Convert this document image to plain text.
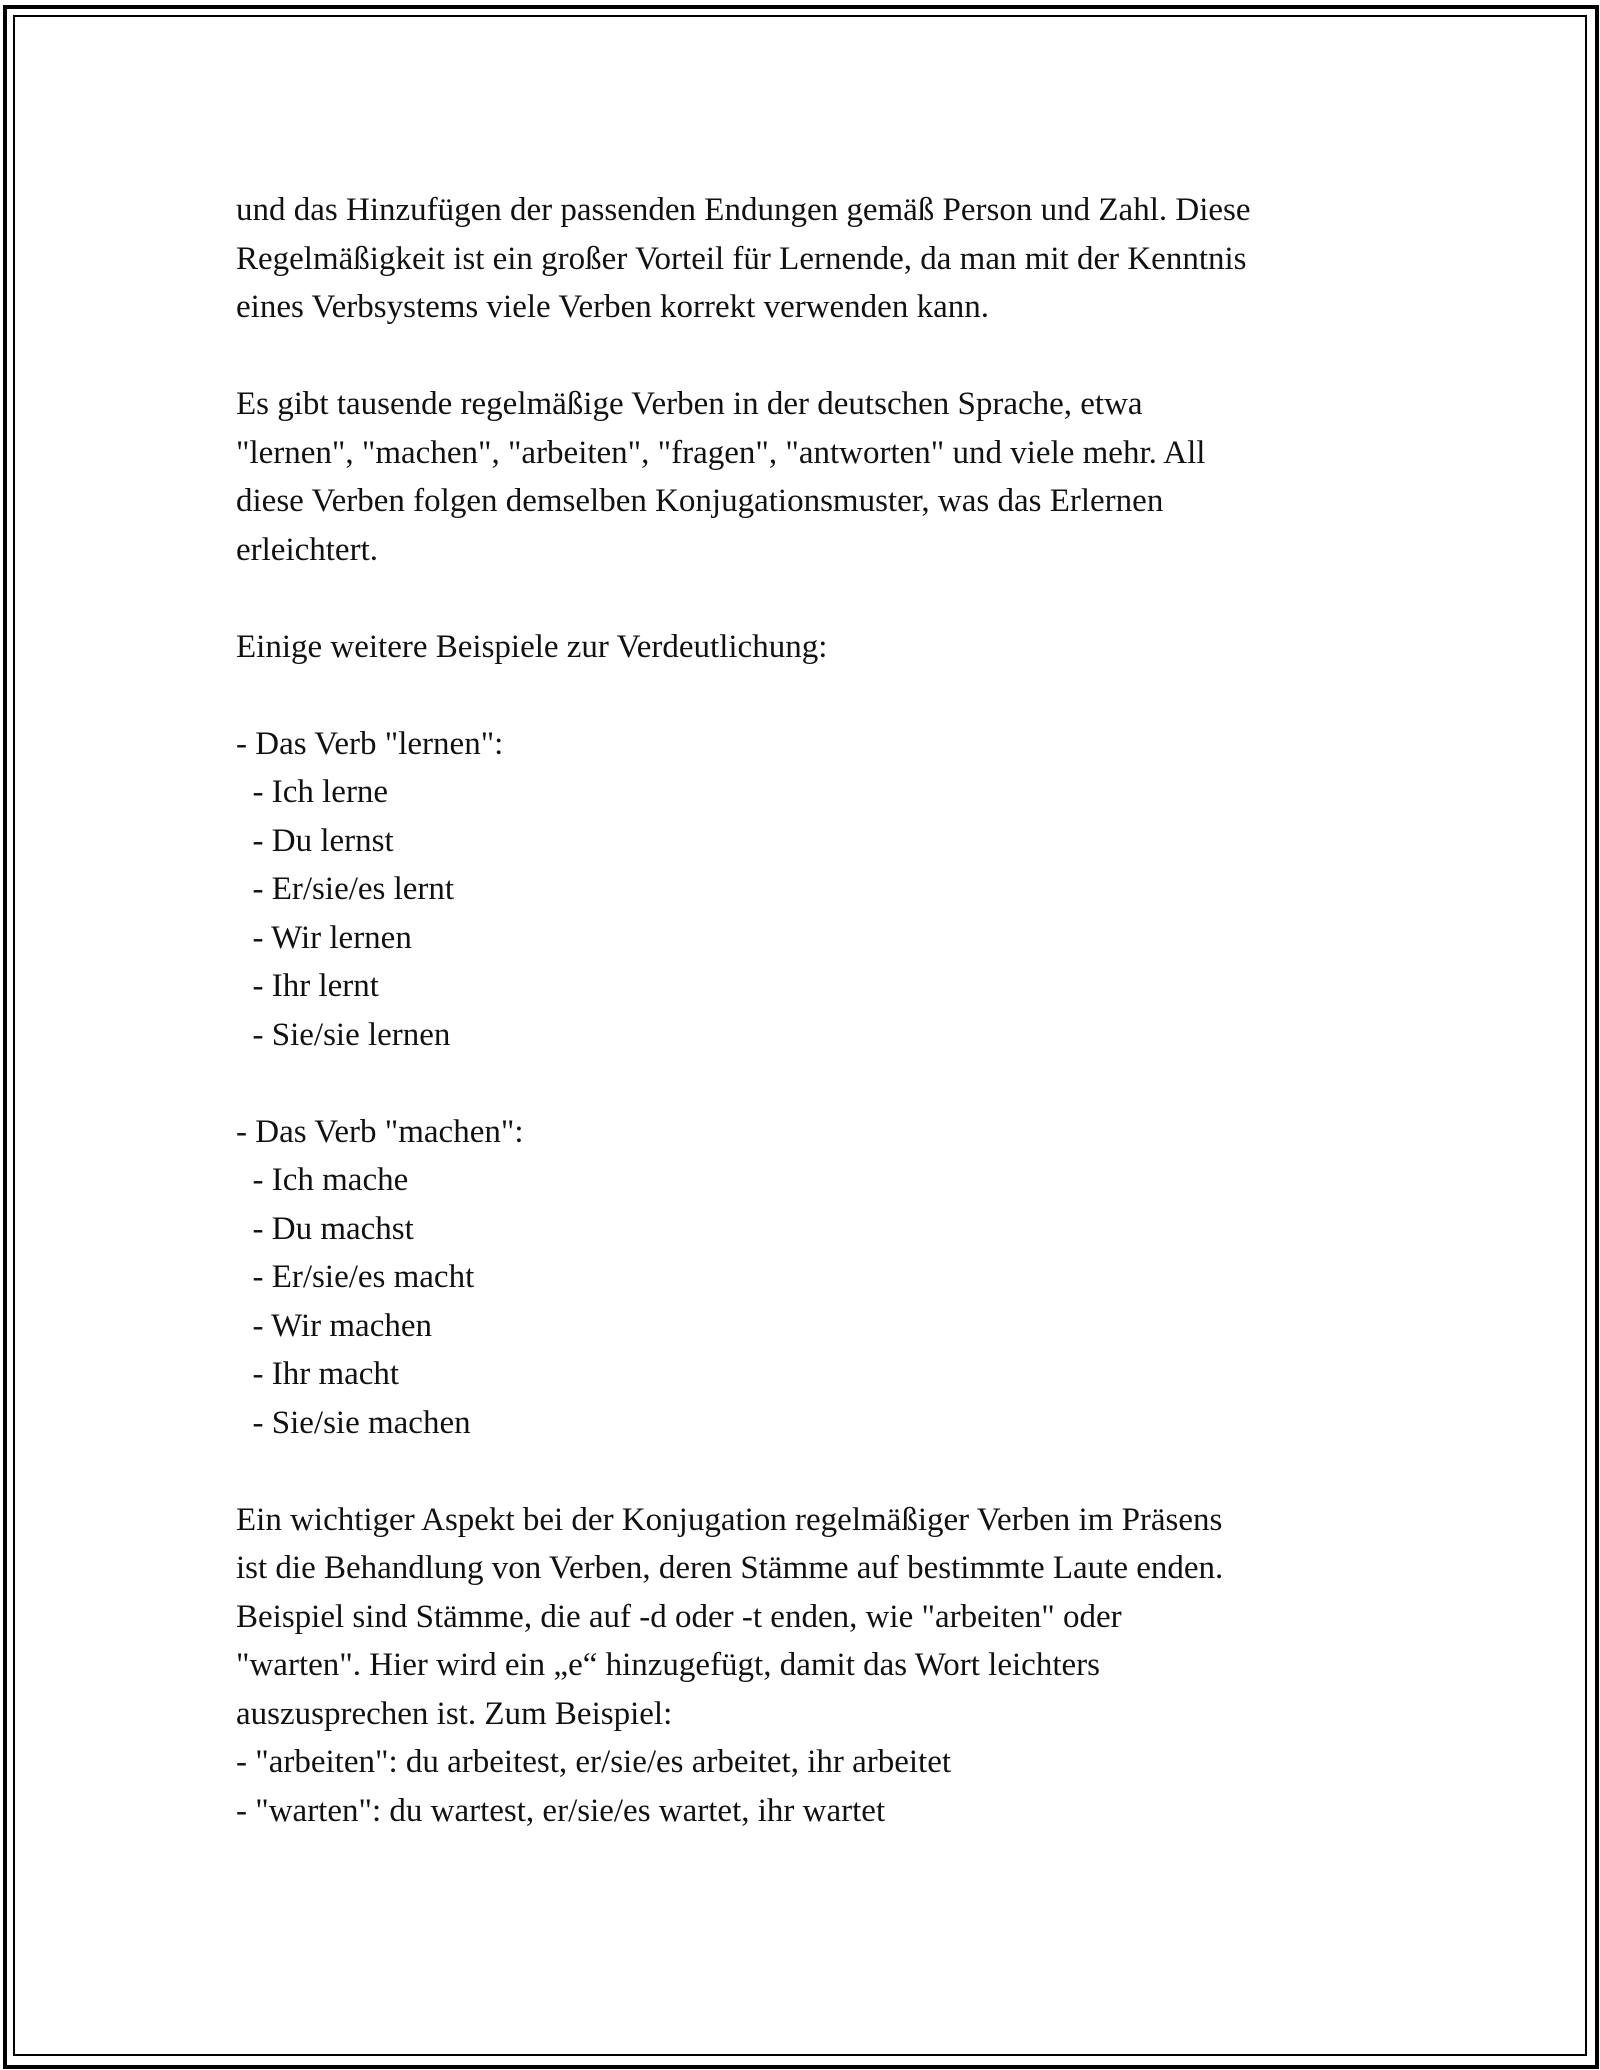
und das Hinzufügen der passenden Endungen gemäß Person und Zahl. Diese
Regelmäßigkeit ist ein großer Vorteil für Lernende, da man mit der Kenntnis
eines Verbsystems viele Verben korrekt verwenden kann.
Es gibt tausende regelmäßige Verben in der deutschen Sprache, etwa
"lernen", "machen", "arbeiten", "fragen", "antworten" und viele mehr. All
diese Verben folgen demselben Konjugationsmuster, was das Erlernen
erleichtert.
Einige weitere Beispiele zur Verdeutlichung:
- Das Verb "lernen":
- Ich lerne
- Du lernst
- Er/sie/es lernt
- Wir lernen
- Ihr lernt
- Sie/sie lernen
- Das Verb "machen":
- Ich mache
- Du machst
- Er/sie/es macht
- Wir machen
- Ihr macht
- Sie/sie machen
Ein wichtiger Aspekt bei der Konjugation regelmäßiger Verben im Präsens
ist die Behandlung von Verben, deren Stämme auf bestimmte Laute enden.
Beispiel sind Stämme, die auf -d oder -t enden, wie "arbeiten" oder
"warten". Hier wird ein „e“ hinzugefügt, damit das Wort leichters
auszusprechen ist. Zum Beispiel:
- "arbeiten": du arbeitest, er/sie/es arbeitet, ihr arbeitet
- "warten": du wartest, er/sie/es wartet, ihr wartet
